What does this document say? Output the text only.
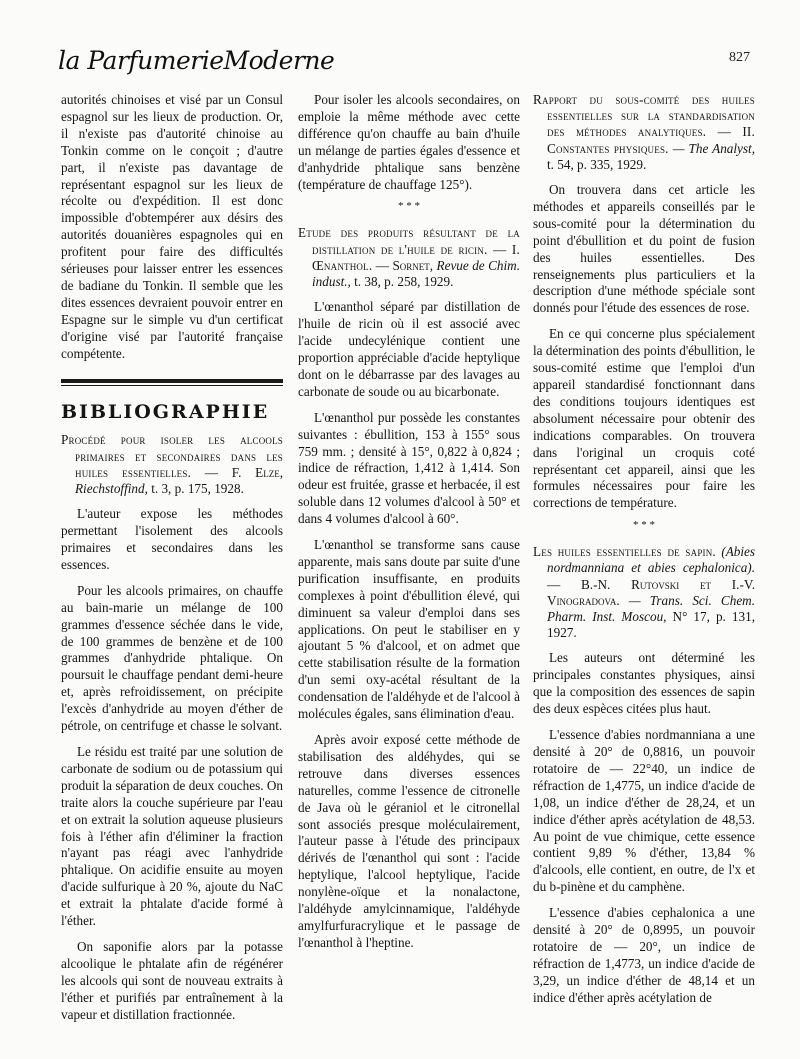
la ParfumerieModerne	827

autorités chinoises et visé par un Consul espagnol sur les lieux de production. Or, il n'existe pas d'autorité chinoise au Tonkin comme on le conçoit ; d'autre part, il n'existe pas davantage de représentant espagnol sur les lieux de récolte ou d'expédition. Il est donc impossible d'obtempérer aux désirs des autorités douanières espagnoles qui en profitent pour faire des difficultés sérieuses pour laisser entrer les essences de badiane du Tonkin. Il semble que les dites essences devraient pouvoir entrer en Espagne sur le simple vu d'un certificat d'origine visé par l'autorité française compétente.

BIBLIOGRAPHIE
Procédé pour isoler les alcools primaires et secondaires dans les huiles essentielles. — F. Elze, Riechstoffind, t. 3, p. 175, 1928.

L'auteur expose les méthodes permettant l'isolement des alcools primaires et secondaires dans les essences.

Pour les alcools primaires, on chauffe au bain-marie un mélange de 100 grammes d'essence séchée dans le vide, de 100 grammes de benzène et de 100 grammes d'anhydride phtalique. On poursuit le chauffage pendant demi-heure et, après refroidissement, on précipite l'excès d'anhydride au moyen d'éther de pétrole, on centrifuge et chasse le solvant.

Le résidu est traité par une solution de carbonate de sodium ou de potassium qui produit la séparation de deux couches. On traite alors la couche supérieure par l'eau et on extrait la solution aqueuse plusieurs fois à l'éther afin d'éliminer la fraction n'ayant pas réagi avec l'anhydride phtalique. On acidifie ensuite au moyen d'acide sulfurique à 20 %, ajoute du NaC et extrait la phtalate d'acide formé à l'éther.

On saponifie alors par la potasse alcoolique le phtalate afin de régénérer les alcools qui sont de nouveau extraits à l'éther et purifiés par entraînement à la vapeur et distillation fractionnée.

Pour isoler les alcools secondaires, on emploie la même méthode avec cette différence qu'on chauffe au bain d'huile un mélange de parties égales d'essence et d'anhydride phtalique sans benzène (température de chauffage 125°).

* * *
Etude des produits résultant de la distillation de l'huile de ricin. — I. Œnanthol. — Sornet, Revue de Chim. indust., t. 38, p. 258, 1929.

L'œnanthol séparé par distillation de l'huile de ricin où il est associé avec l'acide undecylénique contient une proportion appréciable d'acide heptylique dont on le débarrasse par des lavages au carbonate de soude ou au bicarbonate.

L'œnanthol pur possède les constantes suivantes : ébullition, 153 à 155° sous 759 mm. ; densité à 15°, 0,822 à 0,824 ; indice de réfraction, 1,412 à 1,414. Son odeur est fruitée, grasse et herbacée, il est soluble dans 12 volumes d'alcool à 50° et dans 4 volumes d'alcool à 60°.

L'œnanthol se transforme sans cause apparente, mais sans doute par suite d'une purification insuffisante, en produits complexes à point d'ébullition élevé, qui diminuent sa valeur d'emploi dans ses applications. On peut le stabiliser en y ajoutant 5 % d'alcool, et on admet que cette stabilisation résulte de la formation d'un semi oxy-acétal résultant de la condensation de l'aldéhyde et de l'alcool à molécules égales, sans élimination d'eau.

Après avoir exposé cette méthode de stabilisation des aldéhydes, qui se retrouve dans diverses essences naturelles, comme l'essence de citronelle de Java où le géraniol et le citronellal sont associés presque moléculairement, l'auteur passe à l'étude des principaux dérivés de l'œnanthol qui sont : l'acide heptylique, l'alcool heptylique, l'acide nonylène-oïque et la nonalactone, l'aldéhyde amylcinnamique, l'aldéhyde amylfurfuracrylique et le passage de l'œnanthol à l'heptine.

Rapport du sous-comité des huiles essentielles sur la standardisation des méthodes analytiques. — II. Constantes physiques. — The Analyst, t. 54, p. 335, 1929.

On trouvera dans cet article les méthodes et appareils conseillés par le sous-comité pour la détermination du point d'ébullition et du point de fusion des huiles essentielles. Des renseignements plus particuliers et la description d'une méthode spéciale sont donnés pour l'étude des essences de rose.

En ce qui concerne plus spécialement la détermination des points d'ébullition, le sous-comité estime que l'emploi d'un appareil standardisé fonctionnant dans des conditions toujours identiques est absolument nécessaire pour obtenir des indications comparables. On trouvera dans l'original un croquis coté représentant cet appareil, ainsi que les formules nécessaires pour faire les corrections de température.

* * *
Les huiles essentielles de sapin. (Abies nordmanniana et abies cephalonica). — B.-N. Rutovski et I.-V. Vinogradova. — Trans. Sci. Chem. Pharm. Inst. Moscou, N° 17, p. 131, 1927.

Les auteurs ont déterminé les principales constantes physiques, ainsi que la composition des essences de sapin des deux espèces citées plus haut.

L'essence d'abies nordmanniana a une densité à 20° de 0,8816, un pouvoir rotatoire de — 22°40, un indice de réfraction de 1,4775, un indice d'acide de 1,08, un indice d'éther de 28,24, et un indice d'éther après acétylation de 48,53. Au point de vue chimique, cette essence contient 9,89 % d'éther, 13,84 % d'alcools, elle contient, en outre, de l'x et du b-pinène et du camphène.

L'essence d'abies cephalonica a une densité à 20° de 0,8995, un pouvoir rotatoire de — 20°, un indice de réfraction de 1,4773, un indice d'acide de 3,29, un indice d'éther de 48,14 et un indice d'éther après acétylation de
